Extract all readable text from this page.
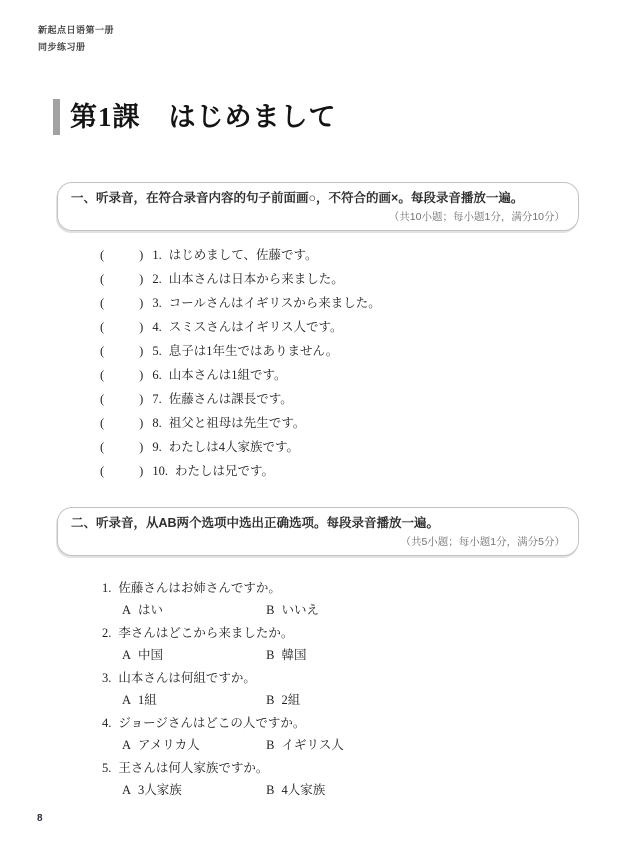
新起点日语第一册
同步练习册
第1課　はじめまして
一、听录音，在符合录音内容的句子前面画○，不符合的画×。每段录音播放一遍。
（共10小题；每小题1分，满分10分）
(	) 1. はじめまして、佐藤です。
(	) 2. 山本さんは日本から来ました。
(	) 3. コールさんはイギリスから来ました。
(	) 4. スミスさんはイギリス人です。
(	) 5. 息子は1年生ではありません。
(	) 6. 山本さんは1組です。
(	) 7. 佐藤さんは課長です。
(	) 8. 祖父と祖母は先生です。
(	) 9. わたしは4人家族です。
(	) 10. わたしは兄です。
二、听录音，从AB两个选项中选出正确选项。每段录音播放一遍。
（共5小题；每小题1分，满分5分）
1. 佐藤さんはお姉さんですか。
A はい	B いいえ
2. 李さんはどこから来ましたか。
A 中国	B 韓国
3. 山本さんは何組ですか。
A 1組	B 2組
4. ジョージさんはどこの人ですか。
A アメリカ人	B イギリス人
5. 王さんは何人家族ですか。
A 3人家族	B 4人家族
8
